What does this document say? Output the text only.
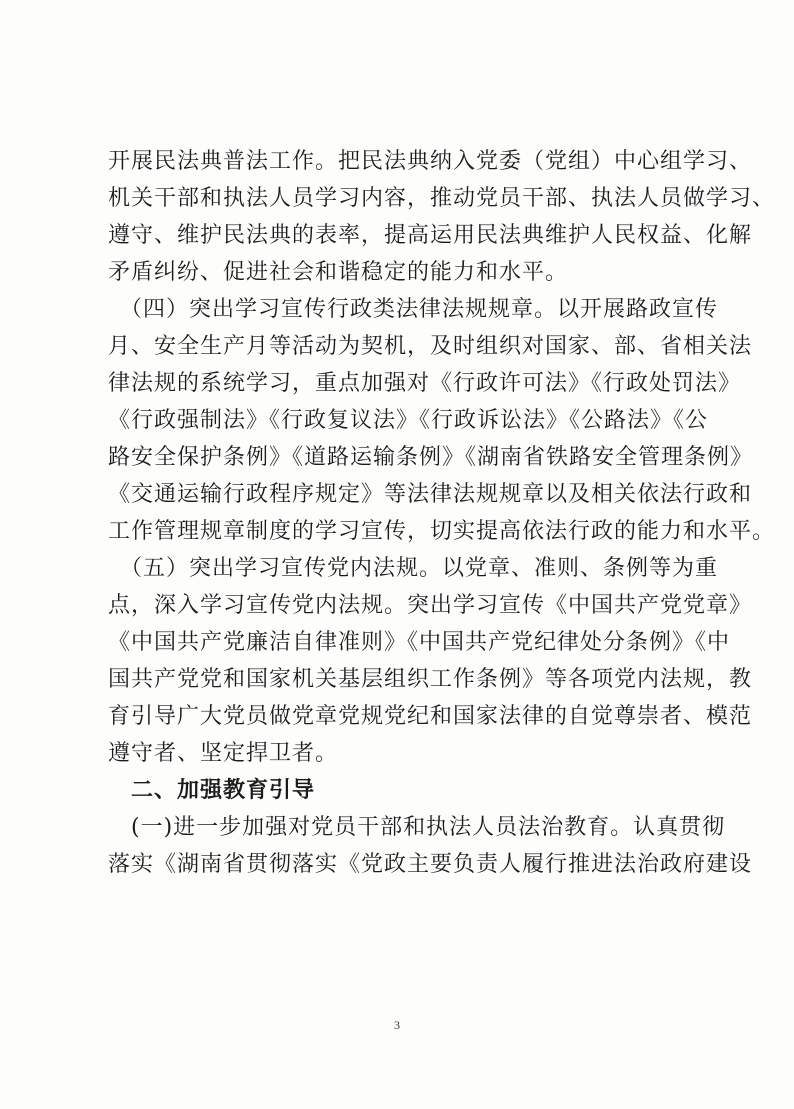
开展民法典普法工作。把民法典纳入党委（党组）中心组学习、
机关干部和执法人员学习内容，推动党员干部、执法人员做学习、
遵守、维护民法典的表率，提高运用民法典维护人民权益、化解
矛盾纠纷、促进社会和谐稳定的能力和水平。
　（四）突出学习宣传行政类法律法规规章。以开展路政宣传
月、安全生产月等活动为契机，及时组织对国家、部、省相关法
律法规的系统学习，重点加强对《行政许可法》《行政处罚法》
《行政强制法》《行政复议法》《行政诉讼法》《公路法》《公
路安全保护条例》《道路运输条例》《湖南省铁路安全管理条例》
《交通运输行政程序规定》等法律法规规章以及相关依法行政和
工作管理规章制度的学习宣传，切实提高依法行政的能力和水平。
　（五）突出学习宣传党内法规。以党章、准则、条例等为重
点，深入学习宣传党内法规。突出学习宣传《中国共产党党章》
《中国共产党廉洁自律准则》《中国共产党纪律处分条例》《中
国共产党党和国家机关基层组织工作条例》等各项党内法规，教
育引导广大党员做党章党规党纪和国家法律的自觉尊崇者、模范
遵守者、坚定捍卫者。
　二、加强教育引导
　(一)进一步加强对党员干部和执法人员法治教育。认真贯彻
落实《湖南省贯彻落实《党政主要负责人履行推进法治政府建设
3
